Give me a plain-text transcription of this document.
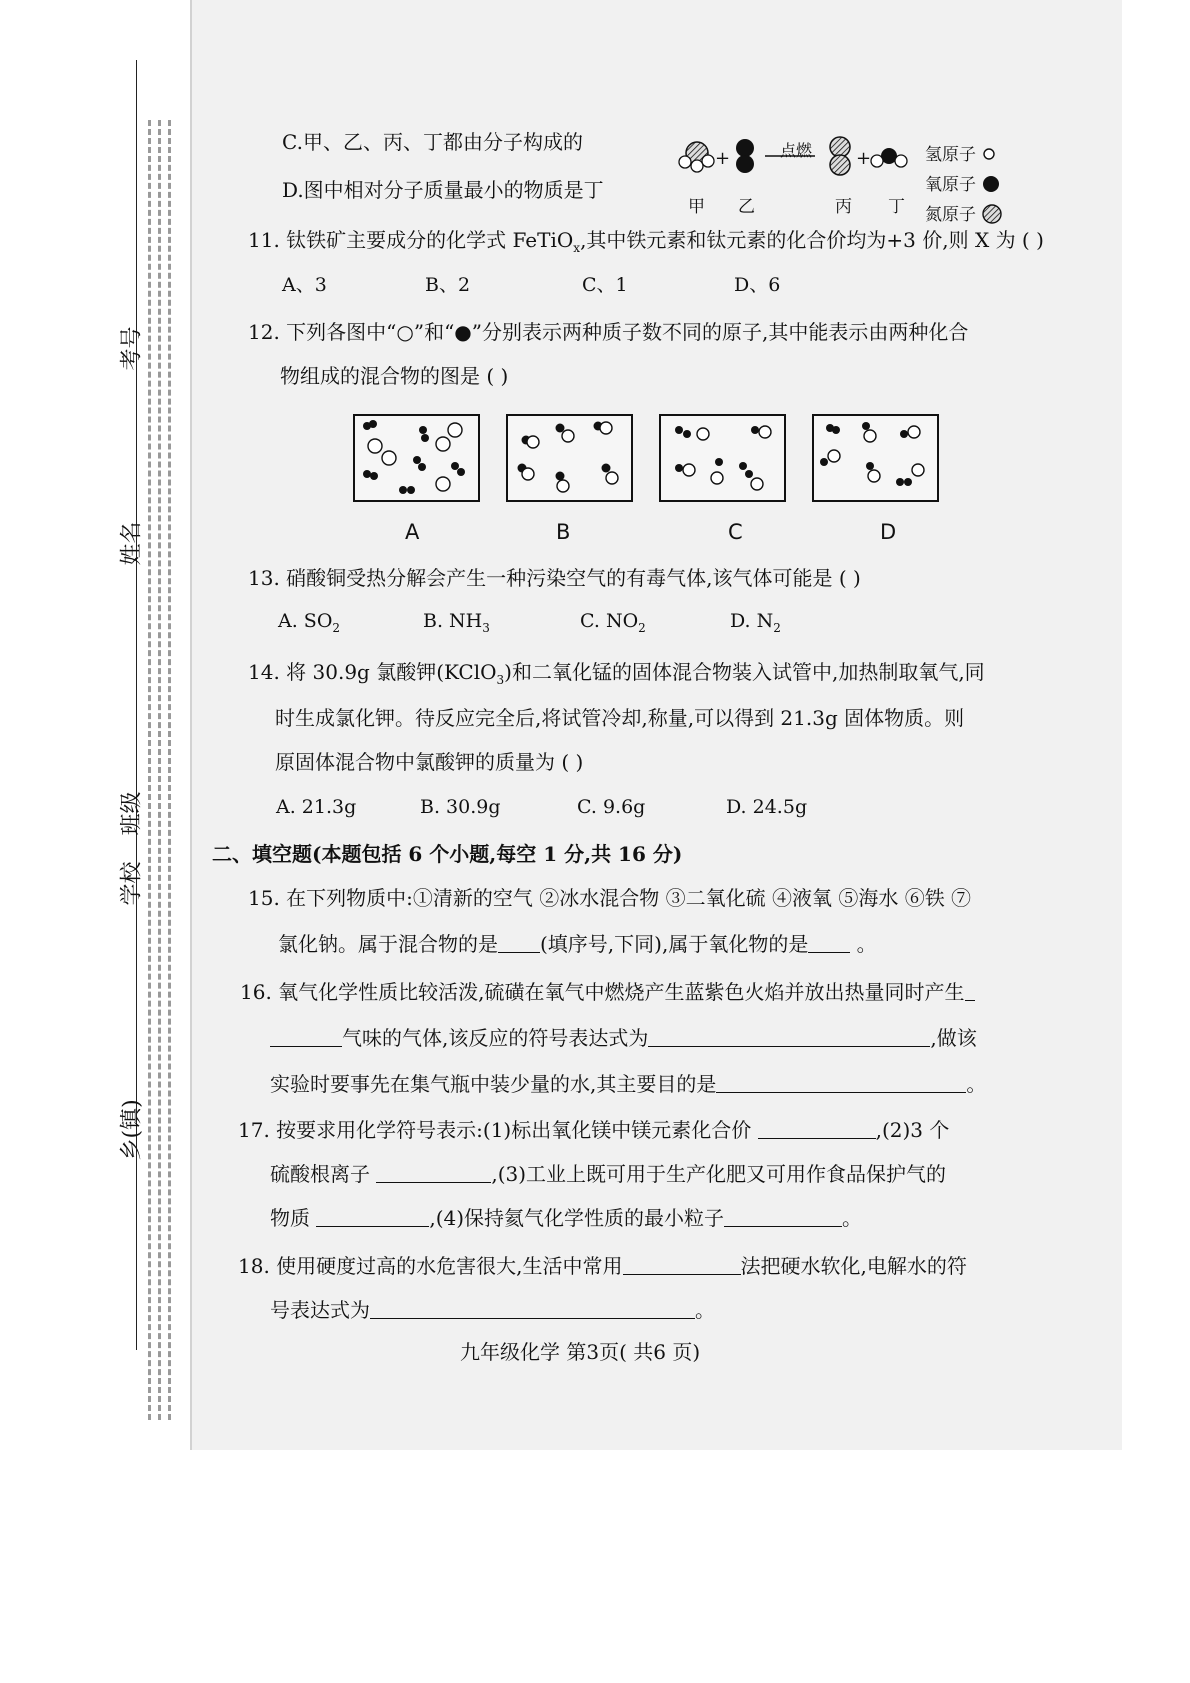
考号
姓名
班级
学校
乡(镇)
C.甲、乙、丙、丁都由分子构成的
D.图中相对分子质量最小的物质是丁
+	+
点燃
甲 乙	丙 丁
氢原子
氧原子
氮原子
11. 钛铁矿主要成分的化学式 FeTiO$_x$,其中铁元素和钛元素的化合价均为+3 价,则 X 为 ( )
A、3	B、2	C、1	D、6
12. 下列各图中“○”和“●”分别表示两种质子数不同的原子,其中能表示由两种化合
物组成的混合物的图是 ( )
A	B	C	D
13. 硝酸铜受热分解会产生一种污染空气的有毒气体,该气体可能是 ( )
A. $SO_2$	B. $NH_3$	C. $NO_2$	D. $N_2$
14. 将 30.9g 氯酸钾(KClO$_3$)和二氧化锰的固体混合物装入试管中,加热制取氧气,同
时生成氯化钾。待反应完全后,将试管冷却,称量,可以得到 21.3g 固体物质。则
原固体混合物中氯酸钾的质量为 ( )
A. 21.3g	B. 30.9g	C. 9.6g	D. 24.5g
二、填空题(本题包括 6 个小题,每空 1 分,共 16 分)
15. 在下列物质中:①清新的空气 ②冰水混合物 ③二氧化硫 ④液氧 ⑤海水 ⑥铁 ⑦
氯化钠。属于混合物的是 (填序号,下同),属于氧化物的是 。
16. 氧气化学性质比较活泼,硫磺在氧气中燃烧产生蓝紫色火焰并放出热量同时产生
气味的气体,该反应的符号表达式为	,做该
实验时要事先在集气瓶中装少量的水,其主要目的是	。
17. 按要求用化学符号表示:(1)标出氧化镁中镁元素化合价	,(2)3 个
硫酸根离子	,(3)工业上既可用于生产化肥又可用作食品保护气的
物质	,(4)保持氦气化学性质的最小粒子	。
18. 使用硬度过高的水危害很大,生活中常用	法把硬水软化,电解水的符
号表达式为	。
九年级化学 第3页( 共6 页)
